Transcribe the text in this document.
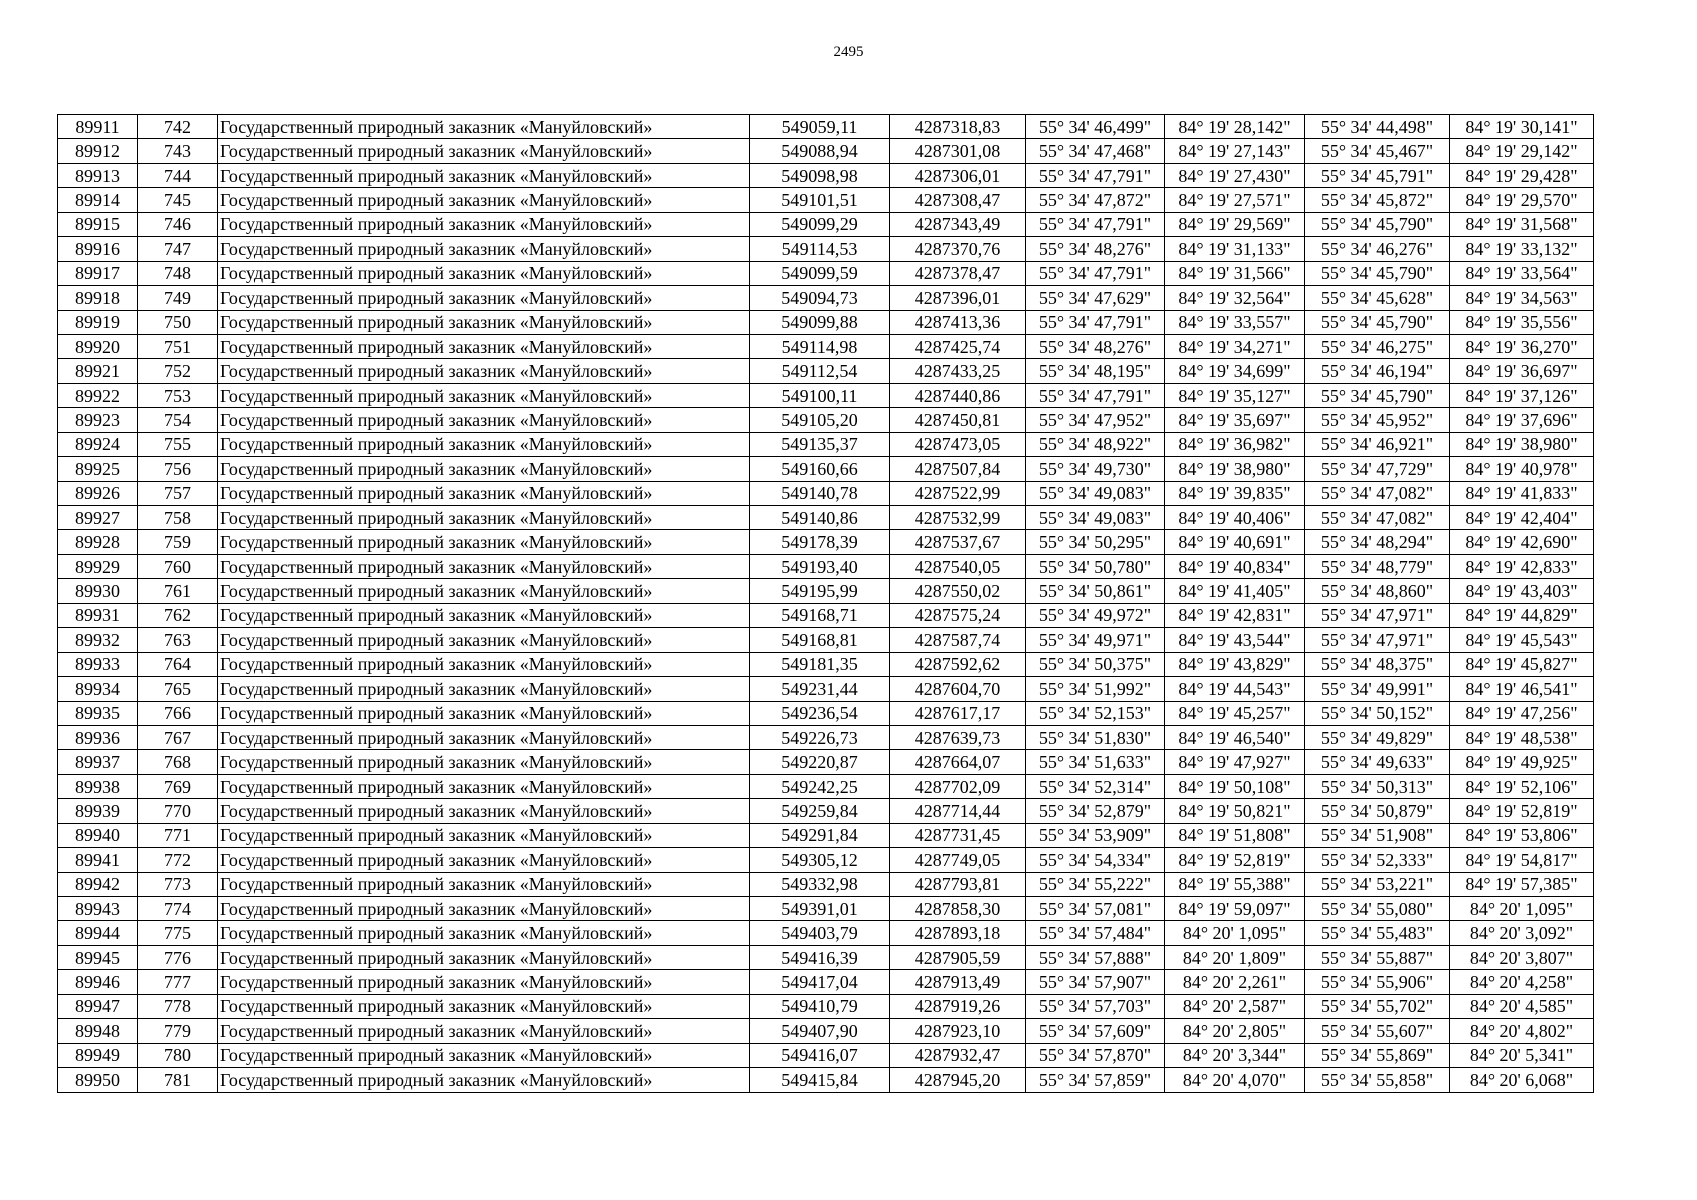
2495
89911	742	Государственный природный заказник «Мануйловский»	549059,11	4287318,83	55° 34' 46,499"	84° 19' 28,142"	55° 34' 44,498"	84° 19' 30,141"
89912	743	Государственный природный заказник «Мануйловский»	549088,94	4287301,08	55° 34' 47,468"	84° 19' 27,143"	55° 34' 45,467"	84° 19' 29,142"
89913	744	Государственный природный заказник «Мануйловский»	549098,98	4287306,01	55° 34' 47,791"	84° 19' 27,430"	55° 34' 45,791"	84° 19' 29,428"
89914	745	Государственный природный заказник «Мануйловский»	549101,51	4287308,47	55° 34' 47,872"	84° 19' 27,571"	55° 34' 45,872"	84° 19' 29,570"
89915	746	Государственный природный заказник «Мануйловский»	549099,29	4287343,49	55° 34' 47,791"	84° 19' 29,569"	55° 34' 45,790"	84° 19' 31,568"
89916	747	Государственный природный заказник «Мануйловский»	549114,53	4287370,76	55° 34' 48,276"	84° 19' 31,133"	55° 34' 46,276"	84° 19' 33,132"
89917	748	Государственный природный заказник «Мануйловский»	549099,59	4287378,47	55° 34' 47,791"	84° 19' 31,566"	55° 34' 45,790"	84° 19' 33,564"
89918	749	Государственный природный заказник «Мануйловский»	549094,73	4287396,01	55° 34' 47,629"	84° 19' 32,564"	55° 34' 45,628"	84° 19' 34,563"
89919	750	Государственный природный заказник «Мануйловский»	549099,88	4287413,36	55° 34' 47,791"	84° 19' 33,557"	55° 34' 45,790"	84° 19' 35,556"
89920	751	Государственный природный заказник «Мануйловский»	549114,98	4287425,74	55° 34' 48,276"	84° 19' 34,271"	55° 34' 46,275"	84° 19' 36,270"
89921	752	Государственный природный заказник «Мануйловский»	549112,54	4287433,25	55° 34' 48,195"	84° 19' 34,699"	55° 34' 46,194"	84° 19' 36,697"
89922	753	Государственный природный заказник «Мануйловский»	549100,11	4287440,86	55° 34' 47,791"	84° 19' 35,127"	55° 34' 45,790"	84° 19' 37,126"
89923	754	Государственный природный заказник «Мануйловский»	549105,20	4287450,81	55° 34' 47,952"	84° 19' 35,697"	55° 34' 45,952"	84° 19' 37,696"
89924	755	Государственный природный заказник «Мануйловский»	549135,37	4287473,05	55° 34' 48,922"	84° 19' 36,982"	55° 34' 46,921"	84° 19' 38,980"
89925	756	Государственный природный заказник «Мануйловский»	549160,66	4287507,84	55° 34' 49,730"	84° 19' 38,980"	55° 34' 47,729"	84° 19' 40,978"
89926	757	Государственный природный заказник «Мануйловский»	549140,78	4287522,99	55° 34' 49,083"	84° 19' 39,835"	55° 34' 47,082"	84° 19' 41,833"
89927	758	Государственный природный заказник «Мануйловский»	549140,86	4287532,99	55° 34' 49,083"	84° 19' 40,406"	55° 34' 47,082"	84° 19' 42,404"
89928	759	Государственный природный заказник «Мануйловский»	549178,39	4287537,67	55° 34' 50,295"	84° 19' 40,691"	55° 34' 48,294"	84° 19' 42,690"
89929	760	Государственный природный заказник «Мануйловский»	549193,40	4287540,05	55° 34' 50,780"	84° 19' 40,834"	55° 34' 48,779"	84° 19' 42,833"
89930	761	Государственный природный заказник «Мануйловский»	549195,99	4287550,02	55° 34' 50,861"	84° 19' 41,405"	55° 34' 48,860"	84° 19' 43,403"
89931	762	Государственный природный заказник «Мануйловский»	549168,71	4287575,24	55° 34' 49,972"	84° 19' 42,831"	55° 34' 47,971"	84° 19' 44,829"
89932	763	Государственный природный заказник «Мануйловский»	549168,81	4287587,74	55° 34' 49,971"	84° 19' 43,544"	55° 34' 47,971"	84° 19' 45,543"
89933	764	Государственный природный заказник «Мануйловский»	549181,35	4287592,62	55° 34' 50,375"	84° 19' 43,829"	55° 34' 48,375"	84° 19' 45,827"
89934	765	Государственный природный заказник «Мануйловский»	549231,44	4287604,70	55° 34' 51,992"	84° 19' 44,543"	55° 34' 49,991"	84° 19' 46,541"
89935	766	Государственный природный заказник «Мануйловский»	549236,54	4287617,17	55° 34' 52,153"	84° 19' 45,257"	55° 34' 50,152"	84° 19' 47,256"
89936	767	Государственный природный заказник «Мануйловский»	549226,73	4287639,73	55° 34' 51,830"	84° 19' 46,540"	55° 34' 49,829"	84° 19' 48,538"
89937	768	Государственный природный заказник «Мануйловский»	549220,87	4287664,07	55° 34' 51,633"	84° 19' 47,927"	55° 34' 49,633"	84° 19' 49,925"
89938	769	Государственный природный заказник «Мануйловский»	549242,25	4287702,09	55° 34' 52,314"	84° 19' 50,108"	55° 34' 50,313"	84° 19' 52,106"
89939	770	Государственный природный заказник «Мануйловский»	549259,84	4287714,44	55° 34' 52,879"	84° 19' 50,821"	55° 34' 50,879"	84° 19' 52,819"
89940	771	Государственный природный заказник «Мануйловский»	549291,84	4287731,45	55° 34' 53,909"	84° 19' 51,808"	55° 34' 51,908"	84° 19' 53,806"
89941	772	Государственный природный заказник «Мануйловский»	549305,12	4287749,05	55° 34' 54,334"	84° 19' 52,819"	55° 34' 52,333"	84° 19' 54,817"
89942	773	Государственный природный заказник «Мануйловский»	549332,98	4287793,81	55° 34' 55,222"	84° 19' 55,388"	55° 34' 53,221"	84° 19' 57,385"
89943	774	Государственный природный заказник «Мануйловский»	549391,01	4287858,30	55° 34' 57,081"	84° 19' 59,097"	55° 34' 55,080"	84° 20' 1,095"
89944	775	Государственный природный заказник «Мануйловский»	549403,79	4287893,18	55° 34' 57,484"	84° 20' 1,095"	55° 34' 55,483"	84° 20' 3,092"
89945	776	Государственный природный заказник «Мануйловский»	549416,39	4287905,59	55° 34' 57,888"	84° 20' 1,809"	55° 34' 55,887"	84° 20' 3,807"
89946	777	Государственный природный заказник «Мануйловский»	549417,04	4287913,49	55° 34' 57,907"	84° 20' 2,261"	55° 34' 55,906"	84° 20' 4,258"
89947	778	Государственный природный заказник «Мануйловский»	549410,79	4287919,26	55° 34' 57,703"	84° 20' 2,587"	55° 34' 55,702"	84° 20' 4,585"
89948	779	Государственный природный заказник «Мануйловский»	549407,90	4287923,10	55° 34' 57,609"	84° 20' 2,805"	55° 34' 55,607"	84° 20' 4,802"
89949	780	Государственный природный заказник «Мануйловский»	549416,07	4287932,47	55° 34' 57,870"	84° 20' 3,344"	55° 34' 55,869"	84° 20' 5,341"
89950	781	Государственный природный заказник «Мануйловский»	549415,84	4287945,20	55° 34' 57,859"	84° 20' 4,070"	55° 34' 55,858"	84° 20' 6,068"
